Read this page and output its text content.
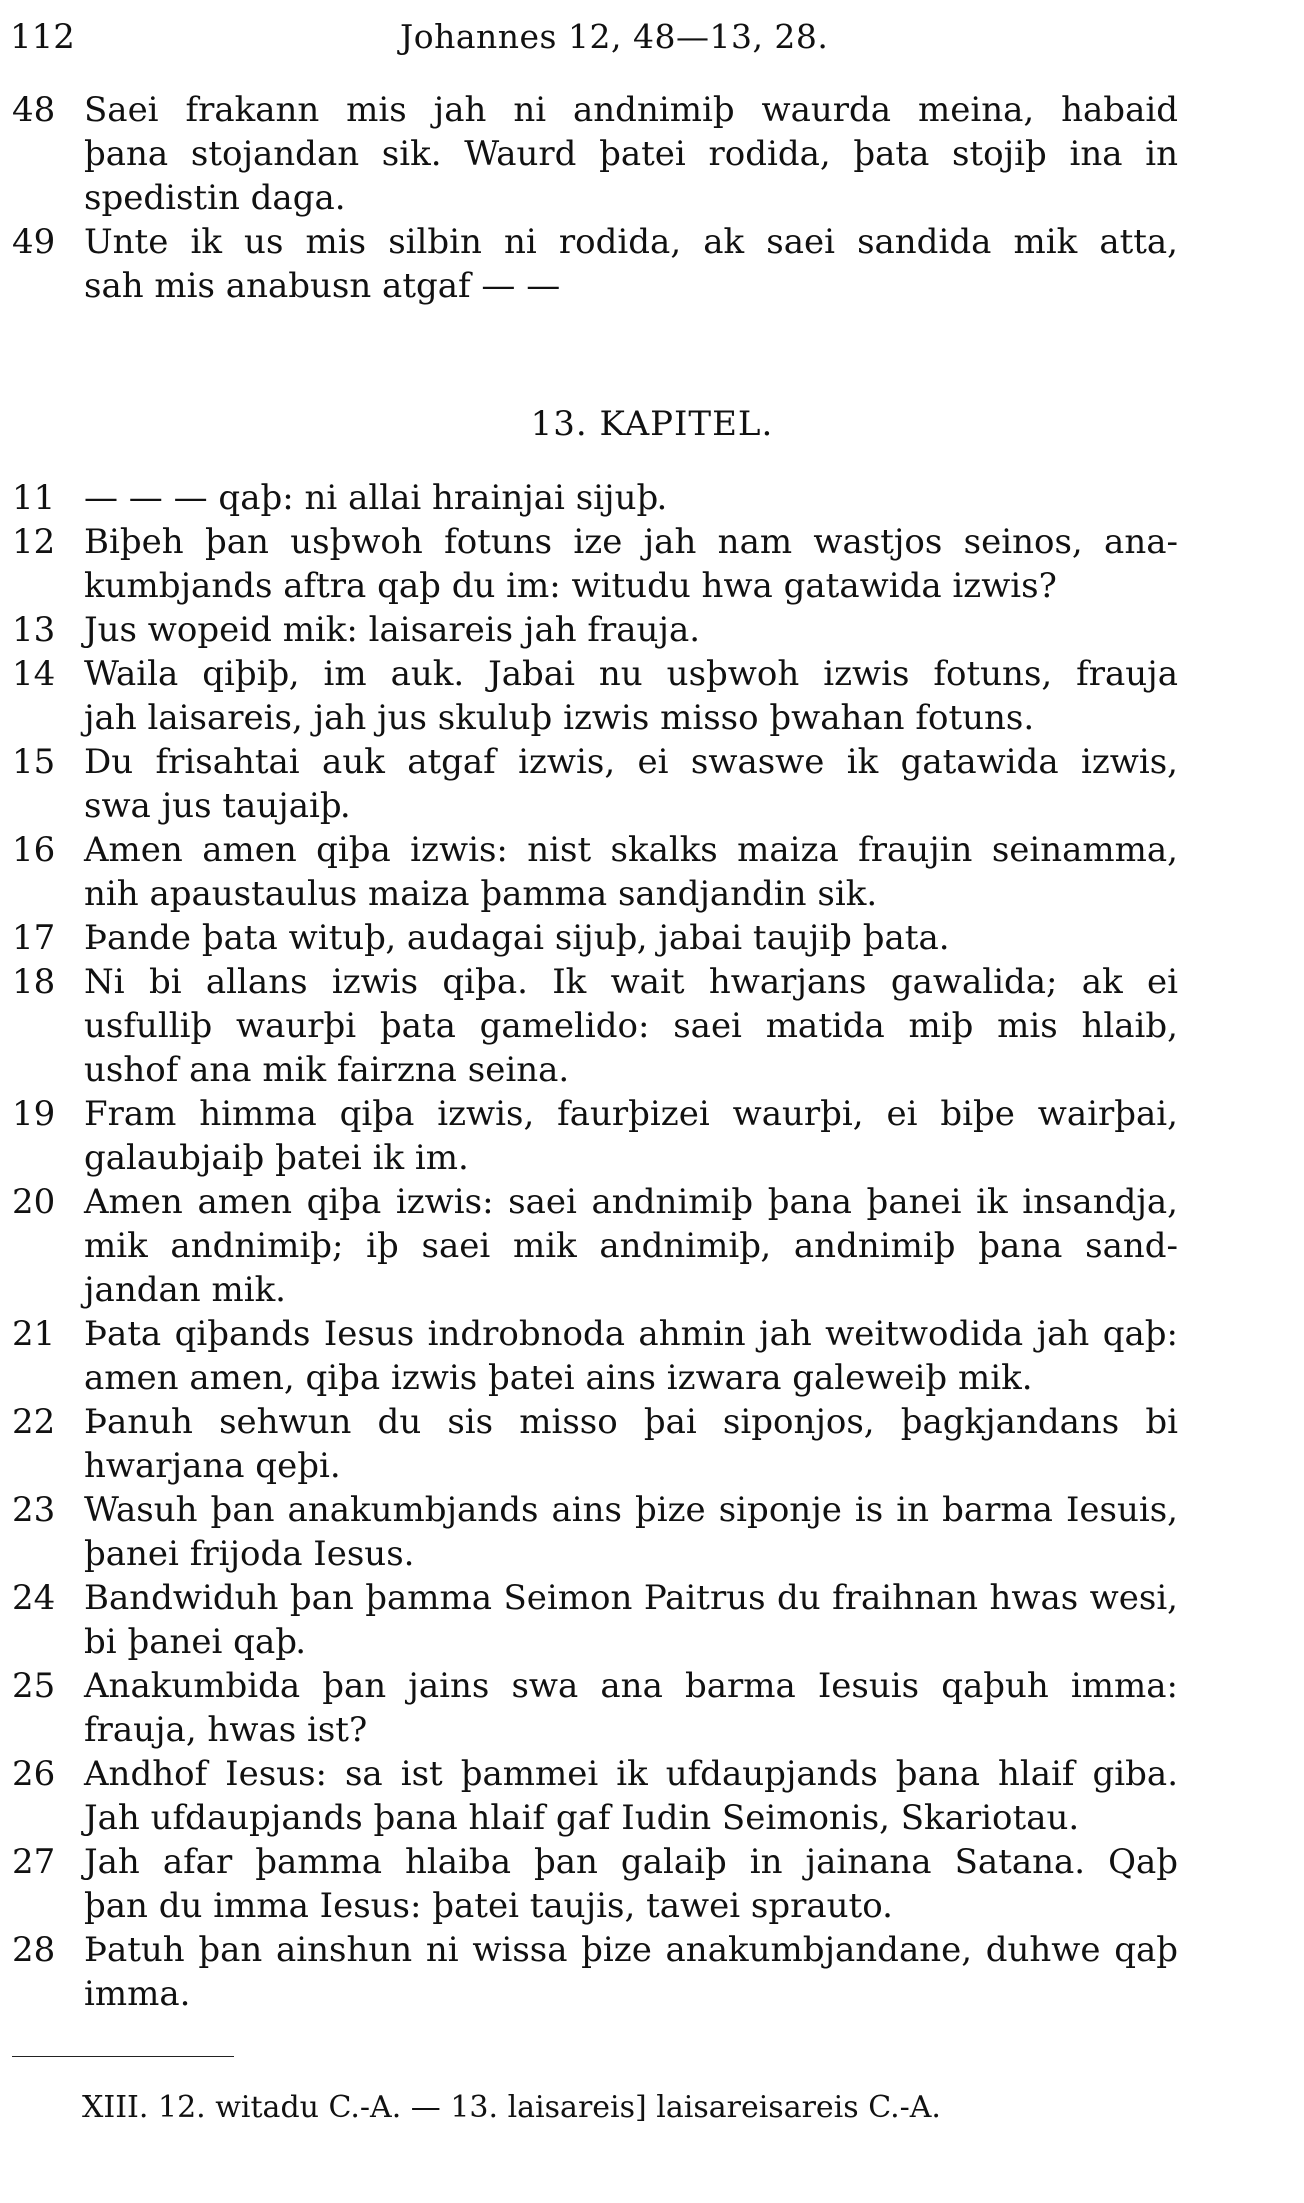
112	Johannes 12, 48—13, 28.
48 Saei frakann mis jah ni andnimiþ waurda meina, habaid
þana stojandan sik. Waurd þatei rodida, þata stojiþ ina in
spedistin daga.
49 Unte ik us mis silbin ni rodida, ak saei sandida mik atta,
sah mis anabusn atgaf — —
13. KAPITEL.
11 — — — qaþ: ni allai hrainjai sijuþ.
12 Biþeh þan usþwoh fotuns ize jah nam wastjos seinos, ana-
kumbjands aftra qaþ du im: witudu hwa gatawida izwis?
13 Jus wopeid mik: laisareis jah frauja.
14 Waila qiþiþ, im auk. Jabai nu usþwoh izwis fotuns, frauja
jah laisareis, jah jus skuluþ izwis misso þwahan fotuns.
15 Du frisahtai auk atgaf izwis, ei swaswe ik gatawida izwis,
swa jus taujaiþ.
16 Amen amen qiþa izwis: nist skalks maiza fraujin seinamma,
nih apaustaulus maiza þamma sandjandin sik.
17 Þande þata wituþ, audagai sijuþ, jabai taujiþ þata.
18 Ni bi allans izwis qiþa. Ik wait hwarjans gawalida; ak ei
usfulliþ waurþi þata gamelido: saei matida miþ mis hlaib,
ushof ana mik fairzna seina.
19 Fram himma qiþa izwis, faurþizei waurþi, ei biþe wairþai,
galaubjaiþ þatei ik im.
20 Amen amen qiþa izwis: saei andnimiþ þana þanei ik insandja,
mik andnimiþ; iþ saei mik andnimiþ, andnimiþ þana sand-
jandan mik.
21 Þata qiþands Iesus indrobnoda ahmin jah weitwodida jah qaþ:
amen amen, qiþa izwis þatei ains izwara galeweiþ mik.
22 Þanuh sehwun du sis misso þai siponjos, þagkjandans bi
hwarjana qeþi.
23 Wasuh þan anakumbjands ains þize siponje is in barma Iesuis,
þanei frijoda Iesus.
24 Bandwiduh þan þamma Seimon Paitrus du fraihnan hwas wesi,
bi þanei qaþ.
25 Anakumbida þan jains swa ana barma Iesuis qaþuh imma:
frauja, hwas ist?
26 Andhof Iesus: sa ist þammei ik ufdaupjands þana hlaif giba.
Jah ufdaupjands þana hlaif gaf Iudin Seimonis, Skariotau.
27 Jah afar þamma hlaiba þan galaiþ in jainana Satana. Qaþ
þan du imma Iesus: þatei taujis, tawei sprauto.
28 Þatuh þan ainshun ni wissa þize anakumbjandane, duhwe qaþ
imma.
XIII. 12. witadu C.-A. — 13. laisareis] laisareisareis C.-A.
